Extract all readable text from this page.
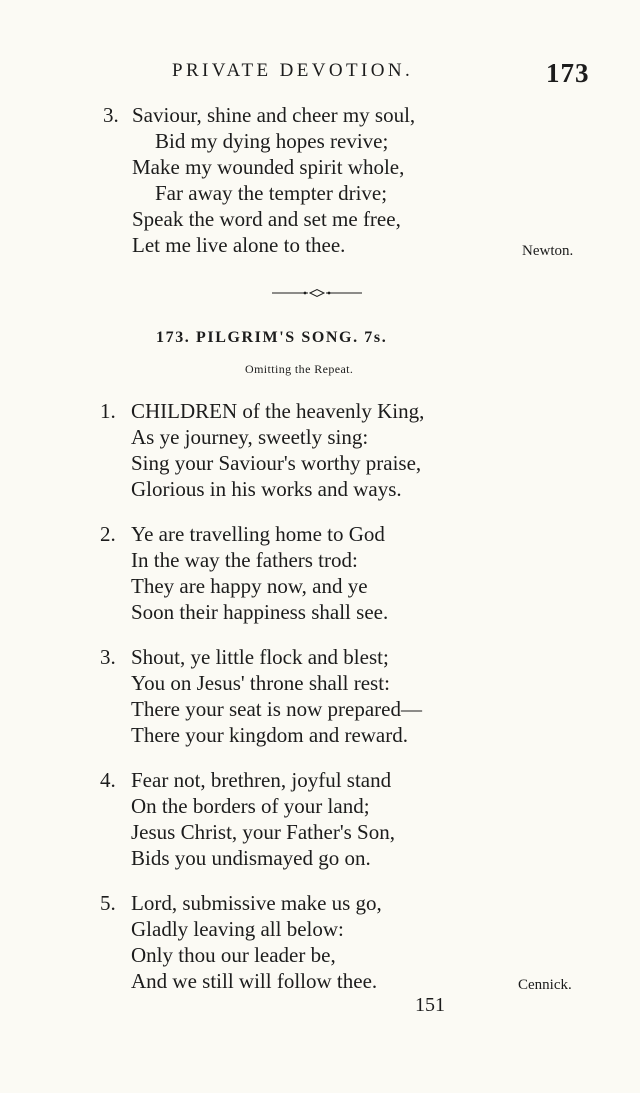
PRIVATE DEVOTION.	173
3. Saviour, shine and cheer my soul,
Bid my dying hopes revive;
Make my wounded spirit whole,
Far away the tempter drive;
Speak the word and set me free,
Let me live alone to thee.	Newton.
173. PILGRIM'S SONG. 7s.
Omitting the Repeat.
1. CHILDREN of the heavenly King,
As ye journey, sweetly sing:
Sing your Saviour's worthy praise,
Glorious in his works and ways.
2. Ye are travelling home to God
In the way the fathers trod:
They are happy now, and ye
Soon their happiness shall see.
3. Shout, ye little flock and blest;
You on Jesus' throne shall rest:
There your seat is now prepared—
There your kingdom and reward.
4. Fear not, brethren, joyful stand
On the borders of your land;
Jesus Christ, your Father's Son,
Bids you undismayed go on.
5. Lord, submissive make us go,
Gladly leaving all below:
Only thou our leader be,
And we still will follow thee.	Cennick.
151
